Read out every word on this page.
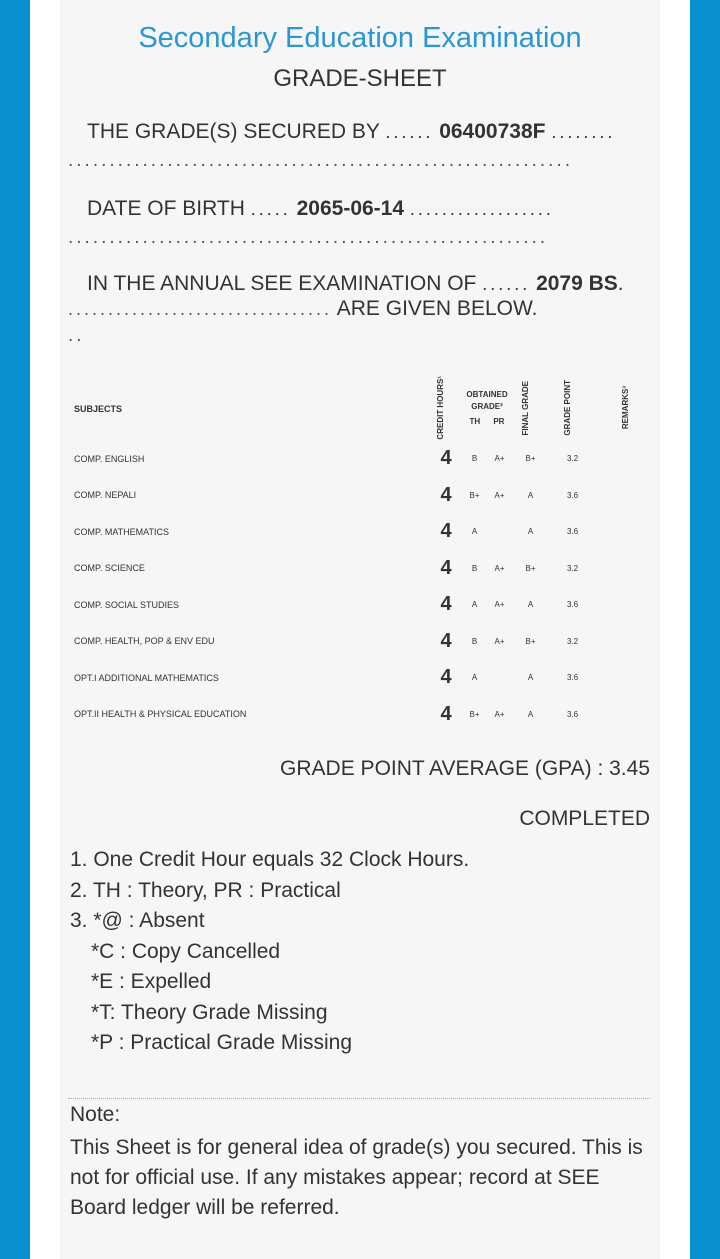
Secondary Education Examination
GRADE-SHEET
THE GRADE(S) SECURED BY ...... 06400738F ........
.............................................................
DATE OF BIRTH ..... 2065-06-14 ..................
..........................................................
IN THE ANNUAL SEE EXAMINATION OF ...... 2079 BS.
................................. ARE GIVEN BELOW.
..
SUBJECTS	CREDIT HOURS¹	OBTAINED GRADE²
TH PR		FINAL GRADE	GRADE POINT	REMARKS³

COMP. ENGLISH	4	B	A+	B+	3.2	
COMP. NEPALI	4	B+	A+	A	3.6	
COMP. MATHEMATICS	4	A		A	3.6	
COMP. SCIENCE	4	B	A+	B+	3.2	
COMP. SOCIAL STUDIES	4	A	A+	A	3.6	
COMP. HEALTH, POP & ENV EDU	4	B	A+	B+	3.2	
OPT.I ADDITIONAL MATHEMATICS	4	A		A	3.6	
OPT.II HEALTH & PHYSICAL EDUCATION	4	B+	A+	A	3.6	
GRADE POINT AVERAGE (GPA) : 3.45
COMPLETED
1. One Credit Hour equals 32 Clock Hours.
2. TH : Theory, PR : Practical
3. *@ : Absent
*C : Copy Cancelled
*E : Expelled
*T: Theory Grade Missing
*P : Practical Grade Missing
Note:
This Sheet is for general idea of grade(s) you secured. This is not for official use. If any mistakes appear; record at SEE Board ledger will be referred.
